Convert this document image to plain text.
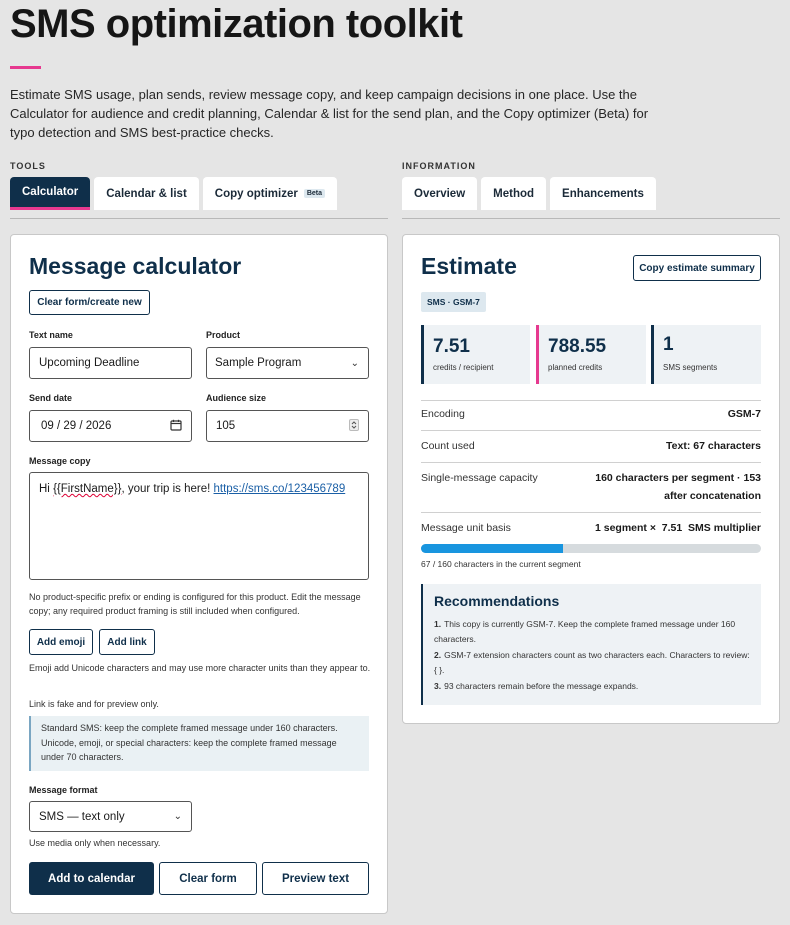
SMS optimization toolkit

Estimate SMS usage, plan sends, review message copy, and keep campaign decisions in one place. Use the Calculator for audience and credit planning, Calendar & list for the send plan, and the Copy optimizer (Beta) for typo detection and SMS best-practice checks.

TOOLS
Calculator Calendar & list Copy optimizer	Beta
INFORMATION
Overview Method Enhancements
Message calculator
Clear form/create new
Text name
Upcoming Deadline
Product
Sample Program	⌄
Send date
09 / 29 / 2026
Audience size
105
Message copy
Hi {{FirstName}}, your trip is here! https://sms.co/123456789

No product-specific prefix or ending is configured for this product. Edit the message copy; any required product framing is still included when configured.

Add emoji	Add link

Emoji add Unicode characters and may use more character units than they appear to.

Link is fake and for preview only.

Standard SMS: keep the complete framed message under 160 characters. Unicode, emoji, or special characters: keep the complete framed message under 70 characters.
Message format
SMS — text only	⌄

Use media only when necessary.

Add to calendar	Clear form	Preview text
Estimate	Copy estimate summary
SMS · GSM-7
7.51
credits / recipient
788.55
planned credits
1
SMS segments
Encoding	GSM-7
Count used	Text: 67 characters
Single-message capacity	160 characters per segment · 153 after concatenation
Message unit basis	1 segment ×  7.51  SMS multiplier
67 / 160 characters in the current segment
Recommendations
1. This copy is currently GSM-7. Keep the complete framed message under 160 characters.
2. GSM-7 extension characters count as two characters each. Characters to review: { }.
3. 93 characters remain before the message expands.
